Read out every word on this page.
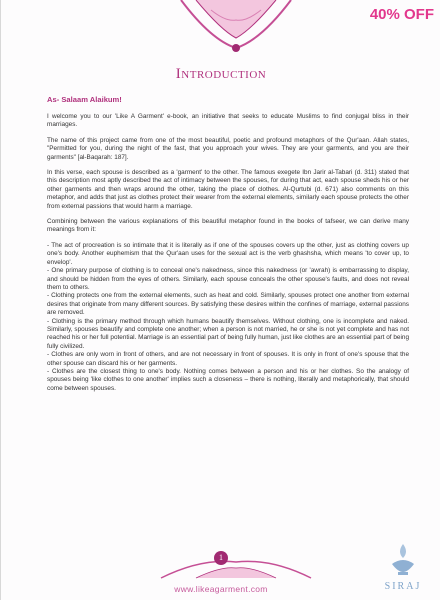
40% OFF
Introduction
As- Salaam Alaikum!

I welcome you to our 'Like A Garment' e-book, an initiative that seeks to educate Muslims to find conjugal bliss in their marriages.

The name of this project came from one of the most beautiful, poetic and profound metaphors of the Qur'aan. Allah states, "Permitted for you, during the night of the fast, that you approach your wives. They are your garments, and you are their garments" [al-Baqarah: 187].

In this verse, each spouse is described as a 'garment' to the other. The famous exegete Ibn Jarir al-Tabari (d. 311) stated that this description most aptly described the act of intimacy between the spouses, for during that act, each spouse sheds his or her other garments and then wraps around the other, taking the place of clothes. Al-Qurtubi (d. 671) also comments on this metaphor, and adds that just as clothes protect their wearer from the external elements, similarly each spouse protects the other from external passions that would harm a marriage.

Combining between the various explanations of this beautiful metaphor found in the books of tafseer, we can derive many meanings from it:

- The act of procreation is so intimate that it is literally as if one of the spouses covers up the other, just as clothing covers up one's body. Another euphemism that the Qur'aan uses for the sexual act is the verb ghashsha, which means 'to cover up, to envelop'.

- One primary purpose of clothing is to conceal one's nakedness, since this nakedness (or 'awrah) is embarrassing to display, and should be hidden from the eyes of others. Similarly, each spouse conceals the other spouse's faults, and does not reveal them to others.

- Clothing protects one from the external elements, such as heat and cold. Similarly, spouses protect one another from external desires that originate from many different sources. By satisfying these desires within the confines of marriage, external passions are removed.

- Clothing is the primary method through which humans beautify themselves. Without clothing, one is incomplete and naked. Similarly, spouses beautify and complete one another; when a person is not married, he or she is not yet complete and has not reached his or her full potential. Marriage is an essential part of being fully human, just like clothes are an essential part of being fully civilized.

- Clothes are only worn in front of others, and are not necessary in front of spouses. It is only in front of one's spouse that the other spouse can discard his or her garments.

- Clothes are the closest thing to one's body. Nothing comes between a person and his or her clothes. So the analogy of spouses being 'like clothes to one another' implies such a closeness – there is nothing, literally and metaphorically, that should come between spouses.

1
www.likeagarment.com	SIRAJ
